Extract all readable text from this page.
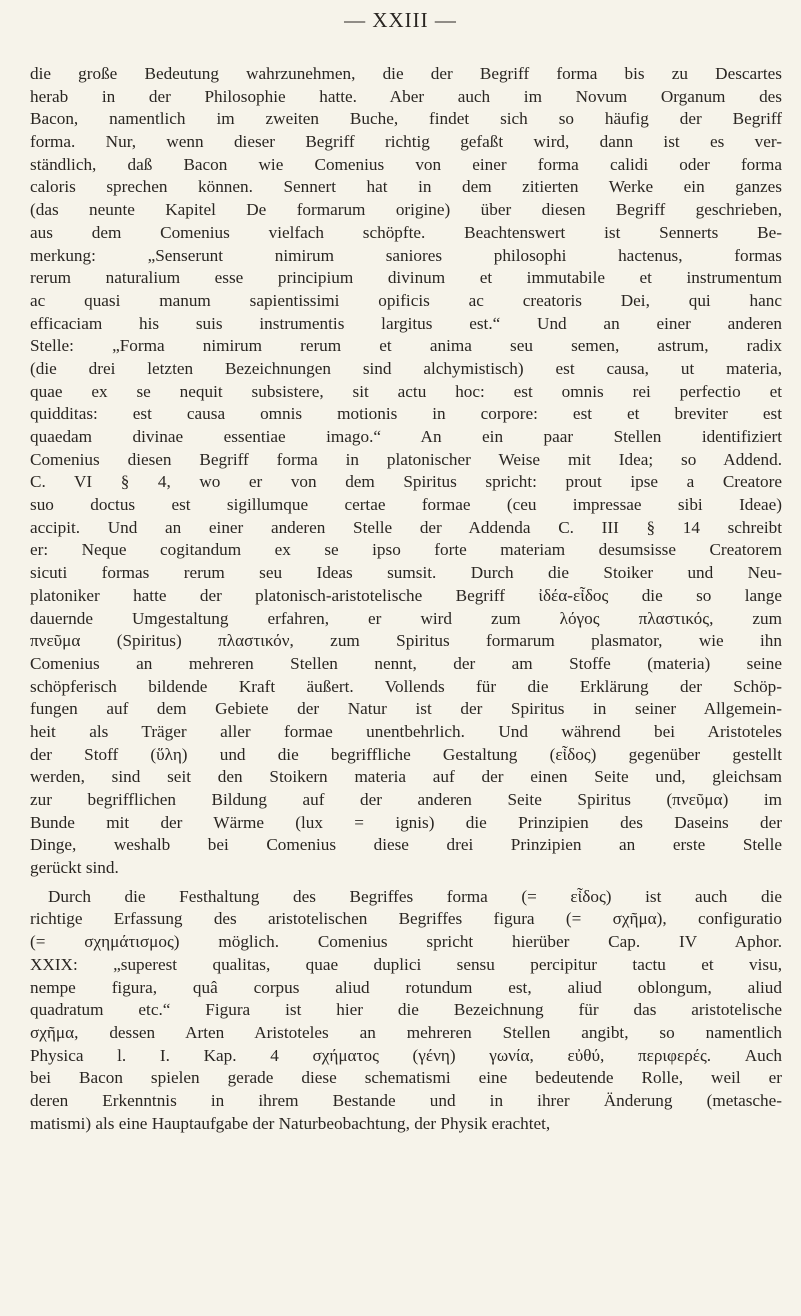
— XXIII —
die große Bedeutung wahrzunehmen, die der Begriff forma bis zu Descartes
herab in der Philosophie hatte. Aber auch im Novum Organum des
Bacon, namentlich im zweiten Buche, findet sich so häufig der Begriff
forma. Nur, wenn dieser Begriff richtig gefaßt wird, dann ist es ver-
ständlich, daß Bacon wie Comenius von einer forma calidi oder forma
caloris sprechen können. Sennert hat in dem zitierten Werke ein ganzes
(das neunte Kapitel De formarum origine) über diesen Begriff geschrieben,
aus dem Comenius vielfach schöpfte. Beachtenswert ist Sennerts Be-
merkung: „Senserunt nimirum saniores philosophi hactenus, formas
rerum naturalium esse principium divinum et immutabile et instrumentum
ac quasi manum sapientissimi opificis ac creatoris Dei, qui hanc
efficaciam his suis instrumentis largitus est.“ Und an einer anderen
Stelle: „Forma nimirum rerum et anima seu semen, astrum, radix
(die drei letzten Bezeichnungen sind alchymistisch) est causa, ut materia,
quae ex se nequit subsistere, sit actu hoc: est omnis rei perfectio et
quidditas: est causa omnis motionis in corpore: est et breviter est
quaedam divinae essentiae imago.“ An ein paar Stellen identifiziert
Comenius diesen Begriff forma in platonischer Weise mit Idea; so Addend.
C. VI § 4, wo er von dem Spiritus spricht: prout ipse a Creatore
suo doctus est sigillumque certae formae (ceu impressae sibi Ideae)
accipit. Und an einer anderen Stelle der Addenda C. III § 14 schreibt
er: Neque cogitandum ex se ipso forte materiam desumsisse Creatorem
sicuti formas rerum seu Ideas sumsit. Durch die Stoiker und Neu-
platoniker hatte der platonisch-aristotelische Begriff ἰδέα-εἶδος die so lange
dauernde Umgestaltung erfahren, er wird zum λόγος πλαστικός, zum
πνεῦμα (Spiritus) πλαστικόν, zum Spiritus formarum plasmator, wie ihn
Comenius an mehreren Stellen nennt, der am Stoffe (materia) seine
schöpferisch bildende Kraft äußert. Vollends für die Erklärung der Schöp-
fungen auf dem Gebiete der Natur ist der Spiritus in seiner Allgemein-
heit als Träger aller formae unentbehrlich. Und während bei Aristoteles
der Stoff (ὕλη) und die begriffliche Gestaltung (εἶδος) gegenüber gestellt
werden, sind seit den Stoikern materia auf der einen Seite und, gleichsam
zur begrifflichen Bildung auf der anderen Seite Spiritus (πνεῦμα) im
Bunde mit der Wärme (lux = ignis) die Prinzipien des Daseins der
Dinge, weshalb bei Comenius diese drei Prinzipien an erste Stelle
gerückt sind.
Durch die Festhaltung des Begriffes forma (= εἶδος) ist auch die
richtige Erfassung des aristotelischen Begriffes figura (= σχῆμα), configuratio
(= σχημάτισμος) möglich. Comenius spricht hierüber Cap. IV Aphor.
XXIX: „superest qualitas, quae duplici sensu percipitur tactu et visu,
nempe figura, quâ corpus aliud rotundum est, aliud oblongum, aliud
quadratum etc.“ Figura ist hier die Bezeichnung für das aristotelische
σχῆμα, dessen Arten Aristoteles an mehreren Stellen angibt, so namentlich
Physica l. I. Kap. 4 σχήματος (γένη) γωνία, εὐθύ, περιφερές. Auch
bei Bacon spielen gerade diese schematismi eine bedeutende Rolle, weil er
deren Erkenntnis in ihrem Bestande und in ihrer Änderung (metasche-
matismi) als eine Hauptaufgabe der Naturbeobachtung, der Physik erachtet,
